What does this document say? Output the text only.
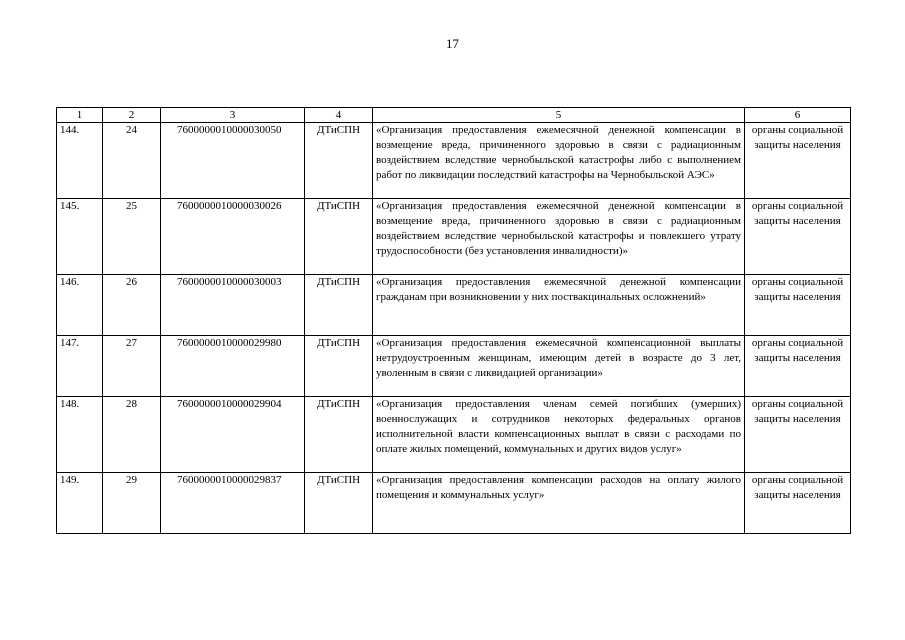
17
1	2	3	4	5	6
144.	24	7600000010000030050	ДТиСПН	«Организация предоставления ежемесячной денежной компенсации в возмещение вреда, причиненного здоровью в связи с радиационным воздействием вследствие чернобыльской катастрофы либо с выполнением работ по ликвидации последствий катастрофы на Чернобыльской АЭС»	органы социальной защиты населения
145.	25	7600000010000030026	ДТиСПН	«Организация предоставления ежемесячной денежной компенсации в возмещение вреда, причиненного здоровью в связи с радиационным воздействием вследствие чернобыльской катастрофы и повлекшего утрату трудоспособности (без установления инвалидности)»	органы социальной защиты населения
146.	26	7600000010000030003	ДТиСПН	«Организация предоставления ежемесячной денежной компенсации гражданам при возникновении у них поствакцинальных осложнений»	органы социальной защиты населения
147.	27	7600000010000029980	ДТиСПН	«Организация предоставления ежемесячной компенсационной выплаты нетрудоустроенным женщинам, имеющим детей в возрасте до 3 лет, уволенным в связи с ликвидацией организации»	органы социальной защиты населения
148.	28	7600000010000029904	ДТиСПН	«Организация предоставления членам семей погибших (умерших) военнослужащих и сотрудников некоторых федеральных органов исполнительной власти компенсационных выплат в связи с расходами по оплате жилых помещений, коммунальных и других видов услуг»	органы социальной защиты населения
149.	29	7600000010000029837	ДТиСПН	«Организация предоставления компенсации расходов на оплату жилого помещения и коммунальных услуг»	органы социальной защиты населения
